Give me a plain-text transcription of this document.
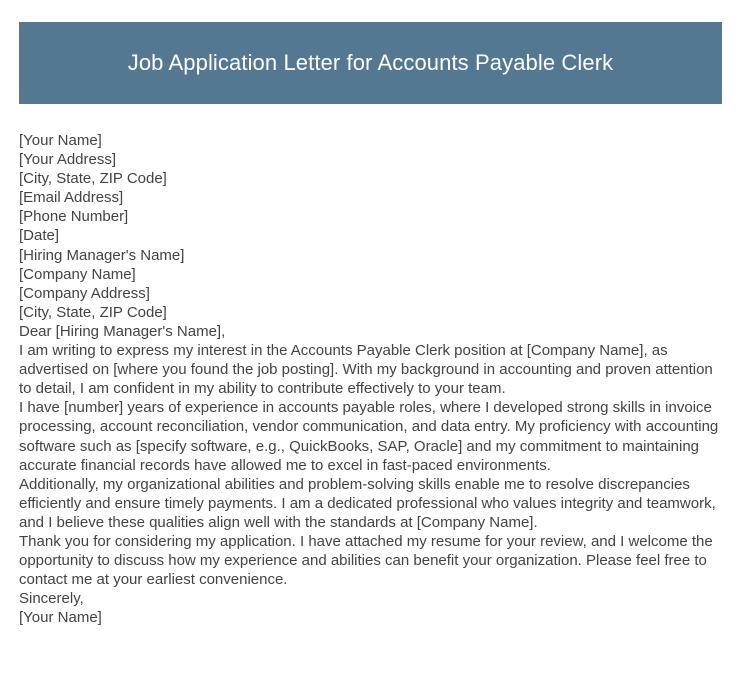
Job Application Letter for Accounts Payable Clerk

[Your Name]

[Your Address]

[City, State, ZIP Code]

[Email Address]

[Phone Number]

[Date]

[Hiring Manager's Name]

[Company Name]

[Company Address]

[City, State, ZIP Code]

Dear [Hiring Manager's Name],

I am writing to express my interest in the Accounts Payable Clerk position at [Company Name], as advertised on [where you found the job posting]. With my background in accounting and proven attention to detail, I am confident in my ability to contribute effectively to your team.

I have [number] years of experience in accounts payable roles, where I developed strong skills in invoice processing, account reconciliation, vendor communication, and data entry. My proficiency with accounting software such as [specify software, e.g., QuickBooks, SAP, Oracle] and my commitment to maintaining accurate financial records have allowed me to excel in fast-paced environments.

Additionally, my organizational abilities and problem-solving skills enable me to resolve discrepancies efficiently and ensure timely payments. I am a dedicated professional who values integrity and teamwork, and I believe these qualities align well with the standards at [Company Name].

Thank you for considering my application. I have attached my resume for your review, and I welcome the opportunity to discuss how my experience and abilities can benefit your organization. Please feel free to contact me at your earliest convenience.

Sincerely,

[Your Name]
